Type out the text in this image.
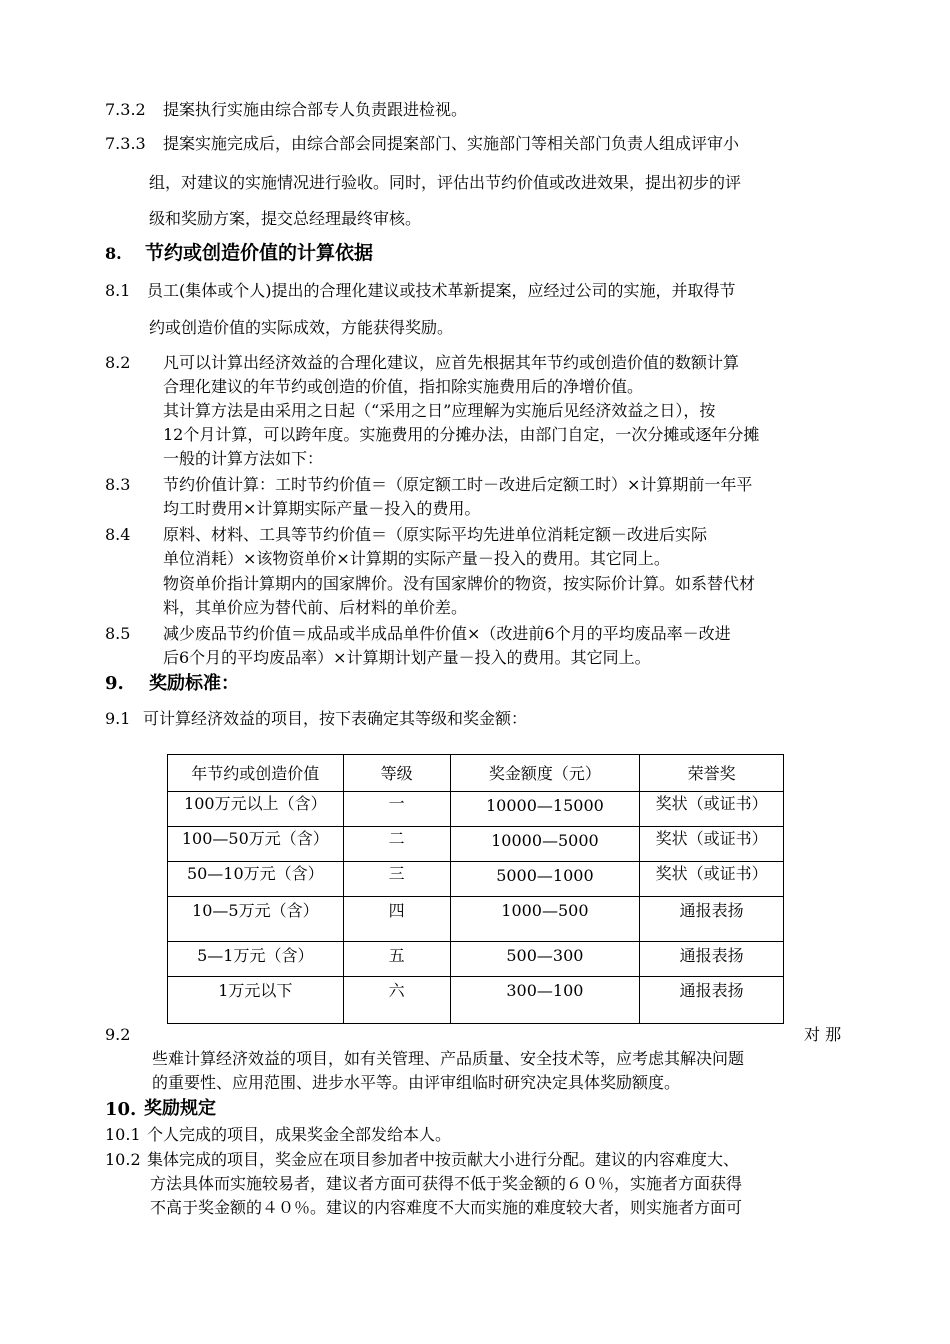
7.3.2 提案执行实施由综合部专人负责跟进检视。
7.3.3 提案实施完成后，由综合部会同提案部门、实施部门等相关部门负责人组成评审小
组，对建议的实施情况进行验收。同时，评估出节约价值或改进效果，提出初步的评
级和奖励方案，提交总经理最终审核。
8. 节约或创造价值的计算依据
8.1 员工(集体或个人)提出的合理化建议或技术革新提案，应经过公司的实施，并取得节
约或创造价值的实际成效，方能获得奖励。
8.2 凡可以计算出经济效益的合理化建议，应首先根据其年节约或创造价值的数额计算
合理化建议的年节约或创造的价值，指扣除实施费用后的净增价值。
其计算方法是由采用之日起（“采用之日”应理解为实施后见经济效益之日），按
12个月计算，可以跨年度。实施费用的分摊办法，由部门自定，一次分摊或逐年分摊
一般的计算方法如下：
8.3 节约价值计算：工时节约价值＝（原定额工时－改进后定额工时）×计算期前一年平
均工时费用×计算期实际产量－投入的费用。
8.4 原料、材料、工具等节约价值＝（原实际平均先进单位消耗定额－改进后实际
单位消耗）×该物资单价×计算期的实际产量－投入的费用。其它同上。
物资单价指计算期内的国家牌价。没有国家牌价的物资，按实际价计算。如系替代材
料，其单价应为替代前、后材料的单价差。
8.5 减少废品节约价值＝成品或半成品单件价值×（改进前6个月的平均废品率－改进
后6个月的平均废品率）×计算期计划产量－投入的费用。其它同上。
9. 奖励标准：
9.1 可计算经济效益的项目，按下表确定其等级和奖金额：
年节约或创造价值	等级	奖金额度（元）	荣誉奖
100万元以上（含）	一	10000—15000	奖状（或证书）
100—50万元（含）	二	10000—5000	奖状（或证书）
50—10万元（含）	三	5000—1000	奖状（或证书）
10—5万元（含）	四	1000—500	通报表扬
5—1万元（含）	五	500—300	通报表扬
1万元以下	六	300—100	通报表扬
9.2	对 那
些难计算经济效益的项目，如有关管理、产品质量、安全技术等，应考虑其解决问题
的重要性、应用范围、进步水平等。由评审组临时研究决定具体奖励额度。
10. 奖励规定
10.1 个人完成的项目，成果奖金全部发给本人。
10.2 集体完成的项目，奖金应在项目参加者中按贡献大小进行分配。建议的内容难度大、
方法具体而实施较易者，建议者方面可获得不低于奖金额的６０％，实施者方面获得
不高于奖金额的４０％。建议的内容难度不大而实施的难度较大者，则实施者方面可
